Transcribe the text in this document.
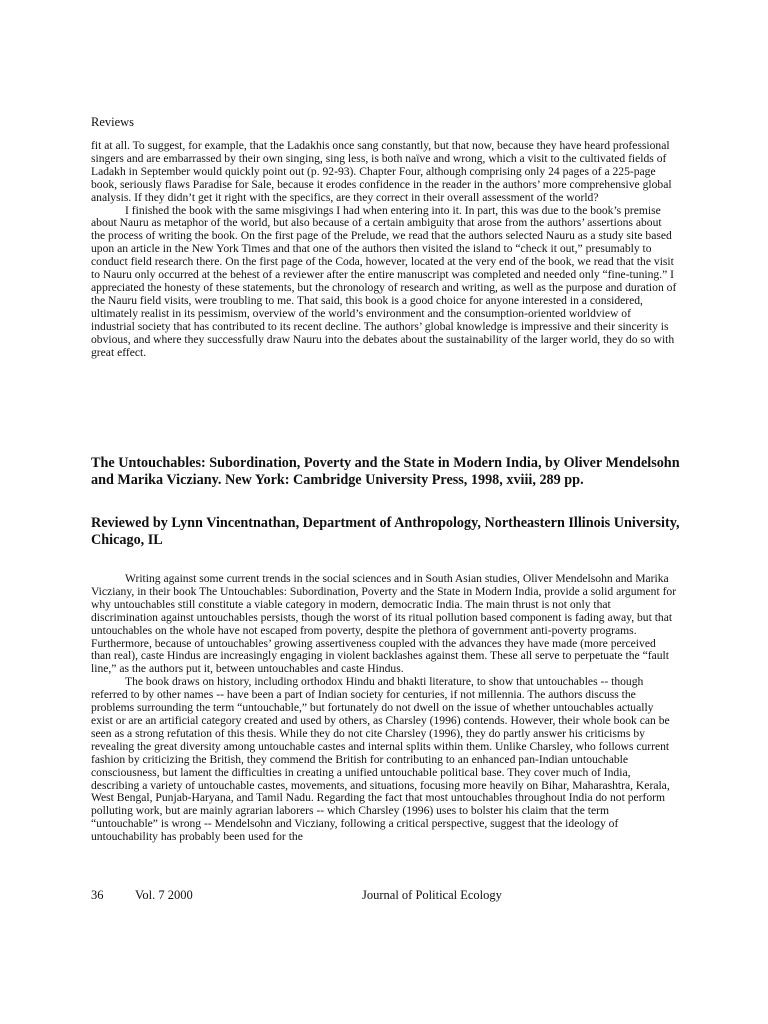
Reviews

fit at all. To suggest, for example, that the Ladakhis once sang constantly, but that now, because they have heard professional singers and are embarrassed by their own singing, sing less, is both naïve and wrong, which a visit to the cultivated fields of Ladakh in September would quickly point out (p. 92-93). Chapter Four, although comprising only 24 pages of a 225-page book, seriously flaws Paradise for Sale, because it erodes confidence in the reader in the authors’ more comprehensive global analysis. If they didn’t get it right with the specifics, are they correct in their overall assessment of the world?

I finished the book with the same misgivings I had when entering into it. In part, this was due to the book’s premise about Nauru as metaphor of the world, but also because of a certain ambiguity that arose from the authors’ assertions about the process of writing the book. On the first page of the Prelude, we read that the authors selected Nauru as a study site based upon an article in the New York Times and that one of the authors then visited the island to “check it out,” presumably to conduct field research there. On the first page of the Coda, however, located at the very end of the book, we read that the visit to Nauru only occurred at the behest of a reviewer after the entire manuscript was completed and needed only “fine-tuning.” I appreciated the honesty of these statements, but the chronology of research and writing, as well as the purpose and duration of the Nauru field visits, were troubling to me. That said, this book is a good choice for anyone interested in a considered, ultimately realist in its pessimism, overview of the world’s environment and the consumption-oriented worldview of industrial society that has contributed to its recent decline. The authors’ global knowledge is impressive and their sincerity is obvious, and where they successfully draw Nauru into the debates about the sustainability of the larger world, they do so with great effect.

The Untouchables: Subordination, Poverty and the State in Modern India, by Oliver Mendelsohn and Marika Vicziany. New York: Cambridge University Press, 1998, xviii, 289 pp.
Reviewed by Lynn Vincentnathan, Department of Anthropology, Northeastern Illinois University, Chicago, IL

Writing against some current trends in the social sciences and in South Asian studies, Oliver Mendelsohn and Marika Vicziany, in their book The Untouchables: Subordination, Poverty and the State in Modern India, provide a solid argument for why untouchables still constitute a viable category in modern, democratic India. The main thrust is not only that discrimination against untouchables persists, though the worst of its ritual pollution based component is fading away, but that untouchables on the whole have not escaped from poverty, despite the plethora of government anti-poverty programs. Furthermore, because of untouchables’ growing assertiveness coupled with the advances they have made (more perceived than real), caste Hindus are increasingly engaging in violent backlashes against them. These all serve to perpetuate the “fault line,” as the authors put it, between untouchables and caste Hindus.

The book draws on history, including orthodox Hindu and bhakti literature, to show that untouchables -- though referred to by other names -- have been a part of Indian society for centuries, if not millennia. The authors discuss the problems surrounding the term “untouchable,” but fortunately do not dwell on the issue of whether untouchables actually exist or are an artificial category created and used by others, as Charsley (1996) contends. However, their whole book can be seen as a strong refutation of this thesis. While they do not cite Charsley (1996), they do partly answer his criticisms by revealing the great diversity among untouchable castes and internal splits within them. Unlike Charsley, who follows current fashion by criticizing the British, they commend the British for contributing to an enhanced pan-Indian untouchable consciousness, but lament the difficulties in creating a unified untouchable political base. They cover much of India, describing a variety of untouchable castes, movements, and situations, focusing more heavily on Bihar, Maharashtra, Kerala, West Bengal, Punjab-Haryana, and Tamil Nadu. Regarding the fact that most untouchables throughout India do not perform polluting work, but are mainly agrarian laborers -- which Charsley (1996) uses to bolster his claim that the term “untouchable” is wrong -- Mendelsohn and Vicziany, following a critical perspective, suggest that the ideology of untouchability has probably been used for the

36	Vol. 7 2000	Journal of Political Ecology
